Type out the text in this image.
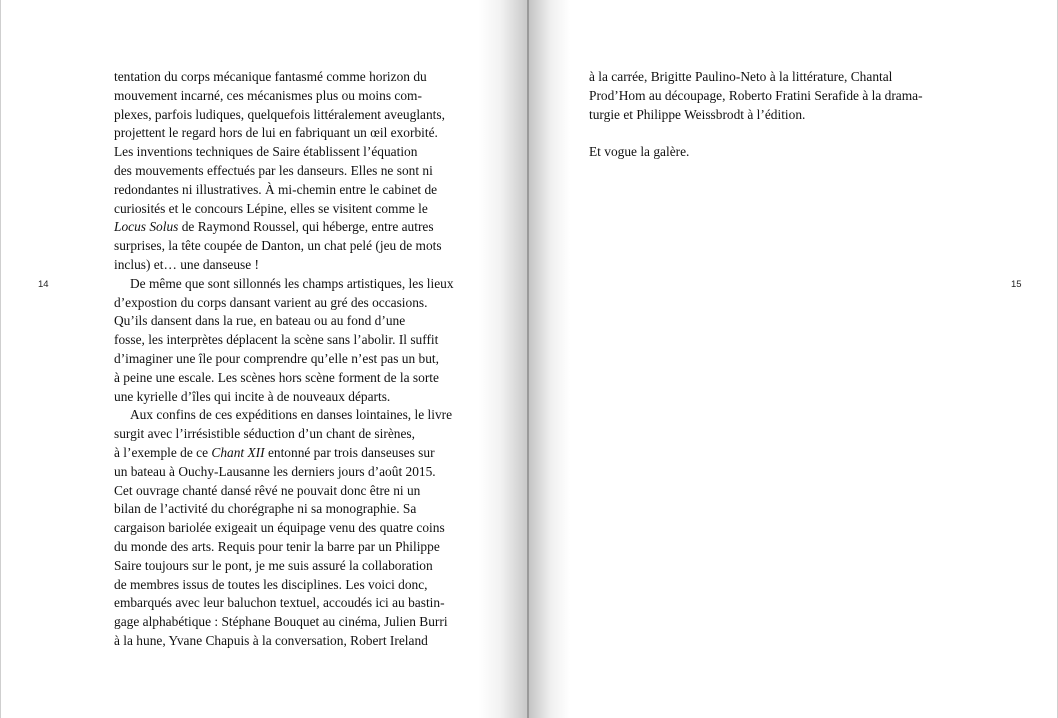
14	15
tentation du corps mécanique fantasmé comme horizon du
mouvement incarné, ces mécanismes plus ou moins com-
plexes, parfois ludiques, quelquefois littéralement aveuglants,
projettent le regard hors de lui en fabriquant un œil exorbité.
Les inventions techniques de Saire établissent l’équation
des mouvements effectués par les danseurs. Elles ne sont ni
redondantes ni illustratives. À mi-chemin entre le cabinet de
curiosités et le concours Lépine, elles se visitent comme le
Locus Solus de Raymond Roussel, qui héberge, entre autres
surprises, la tête coupée de Danton, un chat pelé (jeu de mots
inclus) et… une danseuse !
De même que sont sillonnés les champs artistiques, les lieux
d’expostion du corps dansant varient au gré des occasions.
Qu’ils dansent dans la rue, en bateau ou au fond d’une
fosse, les interprètes déplacent la scène sans l’abolir. Il suffit
d’imaginer une île pour comprendre qu’elle n’est pas un but,
à peine une escale. Les scènes hors scène forment de la sorte
une kyrielle d’îles qui incite à de nouveaux départs.
Aux confins de ces expéditions en danses lointaines, le livre
surgit avec l’irrésistible séduction d’un chant de sirènes,
à l’exemple de ce Chant XII entonné par trois danseuses sur
un bateau à Ouchy-Lausanne les derniers jours d’août 2015.
Cet ouvrage chanté dansé rêvé ne pouvait donc être ni un
bilan de l’activité du chorégraphe ni sa monographie. Sa
cargaison bariolée exigeait un équipage venu des quatre coins
du monde des arts. Requis pour tenir la barre par un Philippe
Saire toujours sur le pont, je me suis assuré la collaboration
de membres issus de toutes les disciplines. Les voici donc,
embarqués avec leur baluchon textuel, accoudés ici au bastin-
gage alphabétique : Stéphane Bouquet au cinéma, Julien Burri
à la hune, Yvane Chapuis à la conversation, Robert Ireland
à la carrée, Brigitte Paulino-Neto à la littérature, Chantal
Prod’Hom au découpage, Roberto Fratini Serafide à la drama-
turgie et Philippe Weissbrodt à l’édition.
Et vogue la galère.
